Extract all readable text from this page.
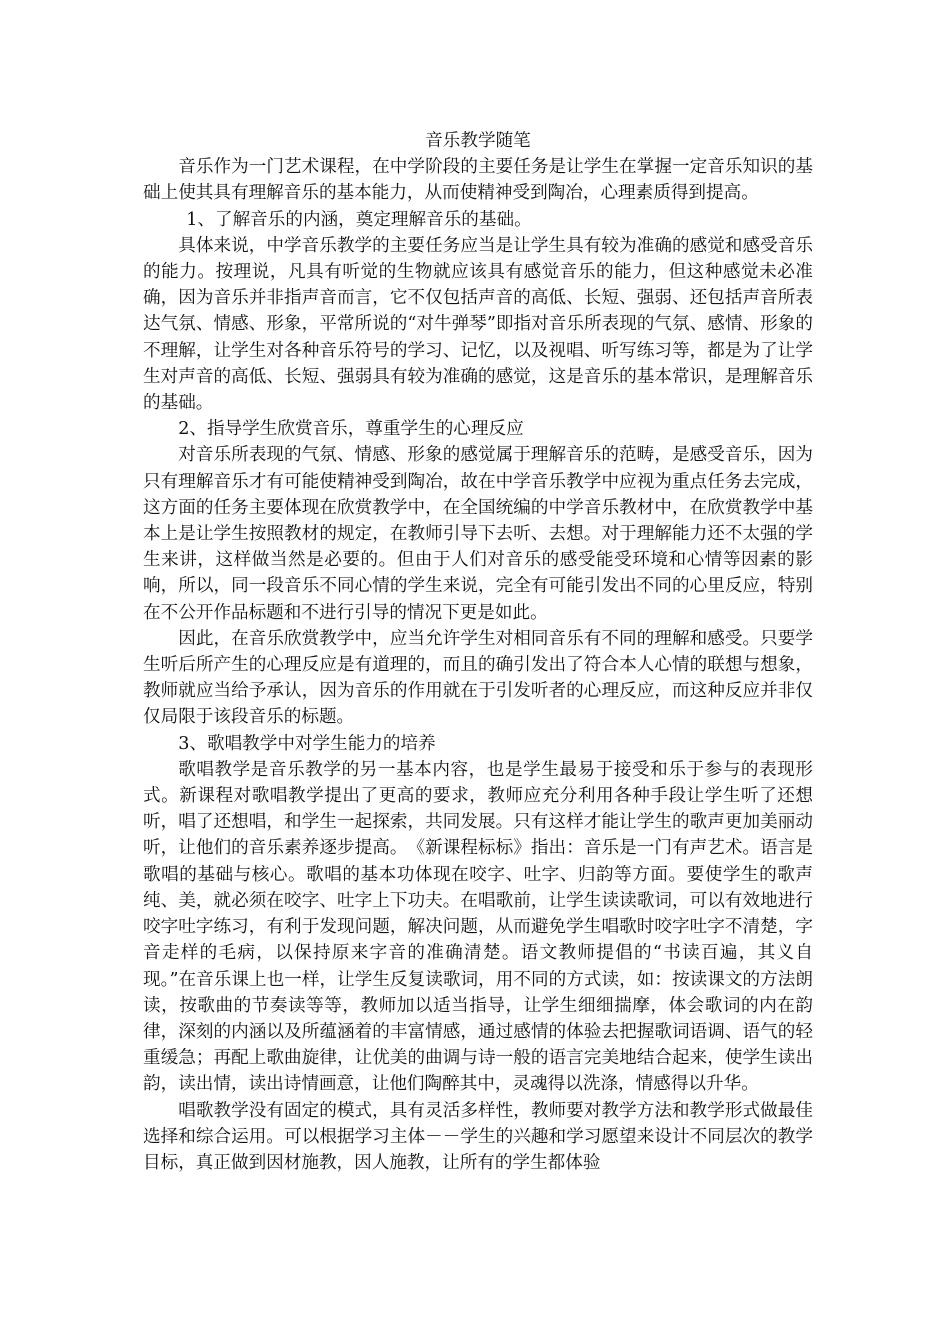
音乐教学随笔

音乐作为一门艺术课程，在中学阶段的主要任务是让学生在掌握一定音乐知识的基础上使其具有理解音乐的基本能力，从而使精神受到陶冶，心理素质得到提高。

1、了解音乐的内涵，奠定理解音乐的基础。

具体来说，中学音乐教学的主要任务应当是让学生具有较为准确的感觉和感受音乐的能力。按理说，凡具有听觉的生物就应该具有感觉音乐的能力，但这种感觉未必准确，因为音乐并非指声音而言，它不仅包括声音的高低、长短、强弱、还包括声音所表达气氛、情感、形象，平常所说的“对牛弹琴”即指对音乐所表现的气氛、感情、形象的不理解，让学生对各种音乐符号的学习、记忆，以及视唱、听写练习等，都是为了让学生对声音的高低、长短、强弱具有较为准确的感觉，这是音乐的基本常识，是理解音乐的基础。

2、指导学生欣赏音乐，尊重学生的心理反应

对音乐所表现的气氛、情感、形象的感觉属于理解音乐的范畴，是感受音乐，因为只有理解音乐才有可能使精神受到陶冶，故在中学音乐教学中应视为重点任务去完成，这方面的任务主要体现在欣赏教学中，在全国统编的中学音乐教材中，在欣赏教学中基本上是让学生按照教材的规定，在教师引导下去听、去想。对于理解能力还不太强的学生来讲，这样做当然是必要的。但由于人们对音乐的感受能受环境和心情等因素的影响，所以，同一段音乐不同心情的学生来说，完全有可能引发出不同的心里反应，特别在不公开作品标题和不进行引导的情况下更是如此。

因此，在音乐欣赏教学中，应当允许学生对相同音乐有不同的理解和感受。只要学生听后所产生的心理反应是有道理的，而且的确引发出了符合本人心情的联想与想象，教师就应当给予承认，因为音乐的作用就在于引发听者的心理反应，而这种反应并非仅仅局限于该段音乐的标题。

3、歌唱教学中对学生能力的培养

歌唱教学是音乐教学的另一基本内容，也是学生最易于接受和乐于参与的表现形式。新课程对歌唱教学提出了更高的要求，教师应充分利用各种手段让学生听了还想听，唱了还想唱，和学生一起探索，共同发展。只有这样才能让学生的歌声更加美丽动听，让他们的音乐素养逐步提高。　《新课程标标》指出：音乐是一门有声艺术。语言是歌唱的基础与核心。歌唱的基本功体现在咬字、吐字、归韵等方面。要使学生的歌声纯、美，就必须在咬字、吐字上下功夫。在唱歌前，让学生读读歌词，可以有效地进行咬字吐字练习，有利于发现问题，解决问题，从而避免学生唱歌时咬字吐字不清楚，字音走样的毛病，以保持原来字音的准确清楚。语文教师提倡的“书读百遍，其义自现。”在音乐课上也一样，让学生反复读歌词，用不同的方式读，如：按读课文的方法朗读，按歌曲的节奏读等等，教师加以适当指导，让学生细细揣摩，体会歌词的内在韵律，深刻的内涵以及所蕴涵着的丰富情感，通过感情的体验去把握歌词语调、语气的轻重缓急；再配上歌曲旋律，让优美的曲调与诗一般的语言完美地结合起来，使学生读出韵，读出情，读出诗情画意，让他们陶醉其中，灵魂得以洗涤，情感得以升华。

唱歌教学没有固定的模式，具有灵活多样性，教师要对教学方法和教学形式做最佳选择和综合运用。可以根据学习主体－－学生的兴趣和学习愿望来设计不同层次的教学目标，真正做到因材施教，因人施教，让所有的学生都体验
